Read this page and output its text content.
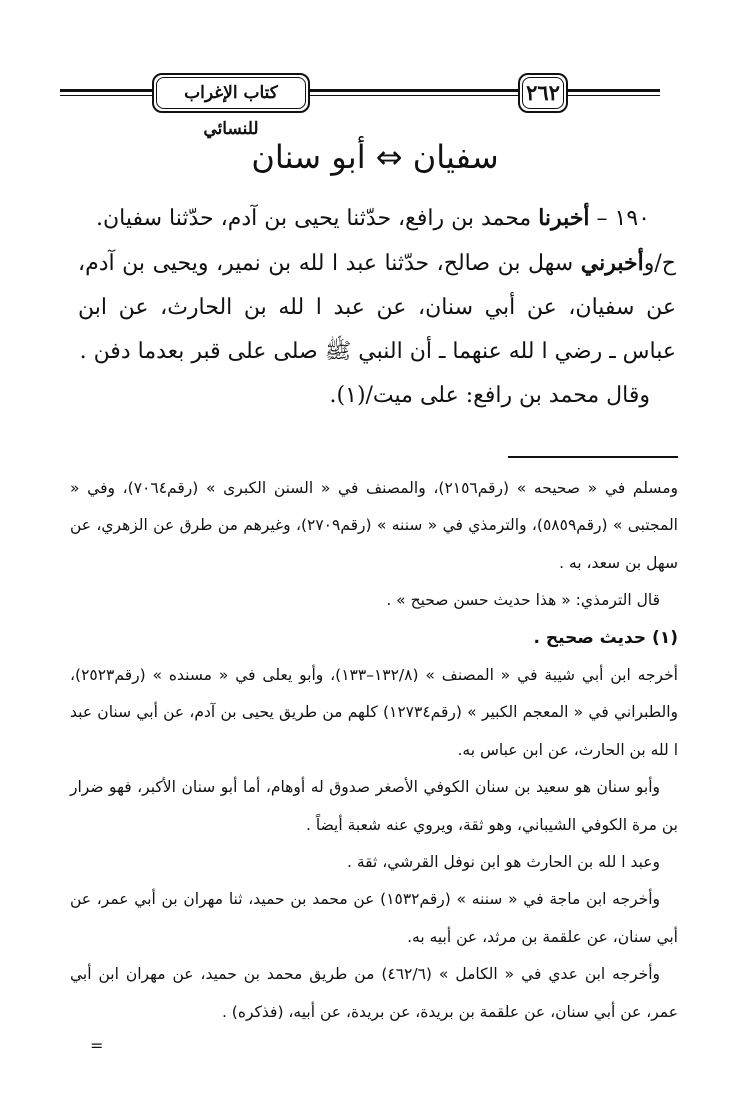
كتاب الإغراب للنسائي
٢٦٢
سفيان ⇔ أبو سنان

١٩٠ – أخبرنا محمد بن رافع، حدّثنا يحيى بن آدم، حدّثنا سفيان.

ح/وأخبرني سهل بن صالح، حدّثنا عبد ا لله بن نمير، ويحيى بن آدم، عن سفيان، عن أبي سنان، عن عبد ا لله بن الحارث، عن ابن عباس ـ رضي ا لله عنهما ـ أن النبي ﷺ صلى على قبر بعدما دفن .

وقال محمد بن رافع: على ميت/(١).

ومسلم في « صحيحه » (رقم٢١٥٦)، والمصنف في « السنن الكبرى » (رقم٧٠٦٤)، وفي « المجتبى » (رقم٥٨٥٩)، والترمذي في « سننه » (رقم٢٧٠٩)، وغيرهم من طرق عن الزهري، عن سهل بن سعد، به .

قال الترمذي: « هذا حديث حسن صحيح » .

(١) حديث صحيح .

أخرجه ابن أبي شيبة في « المصنف » (١٣٢/٨–١٣٣)، وأبو يعلى في « مسنده » (رقم٢٥٢٣)، والطبراني في « المعجم الكبير » (رقم١٢٧٣٤) كلهم من طريق يحيى بن آدم، عن أبي سنان عبد ا لله بن الحارث، عن ابن عباس به.

وأبو سنان هو سعيد بن سنان الكوفي الأصغر صدوق له أوهام، أما أبو سنان الأكبر، فهو ضرار بن مرة الكوفي الشيباني، وهو ثقة، ويروي عنه شعبة أيضاً .

وعبد ا لله بن الحارث هو ابن نوفل القرشي، ثقة .

وأخرجه ابن ماجة في « سننه » (رقم١٥٣٢) عن محمد بن حميد، ثنا مهران بن أبي عمر، عن أبي سنان، عن علقمة بن مرثد، عن أبيه به.

وأخرجه ابن عدي في « الكامل » (٤٦٢/٦) من طريق محمد بن حميد، عن مهران ابن أبي عمر، عن أبي سنان، عن علقمة بن بريدة، عن بريدة، عن أبيه، (فذكره) .

=
